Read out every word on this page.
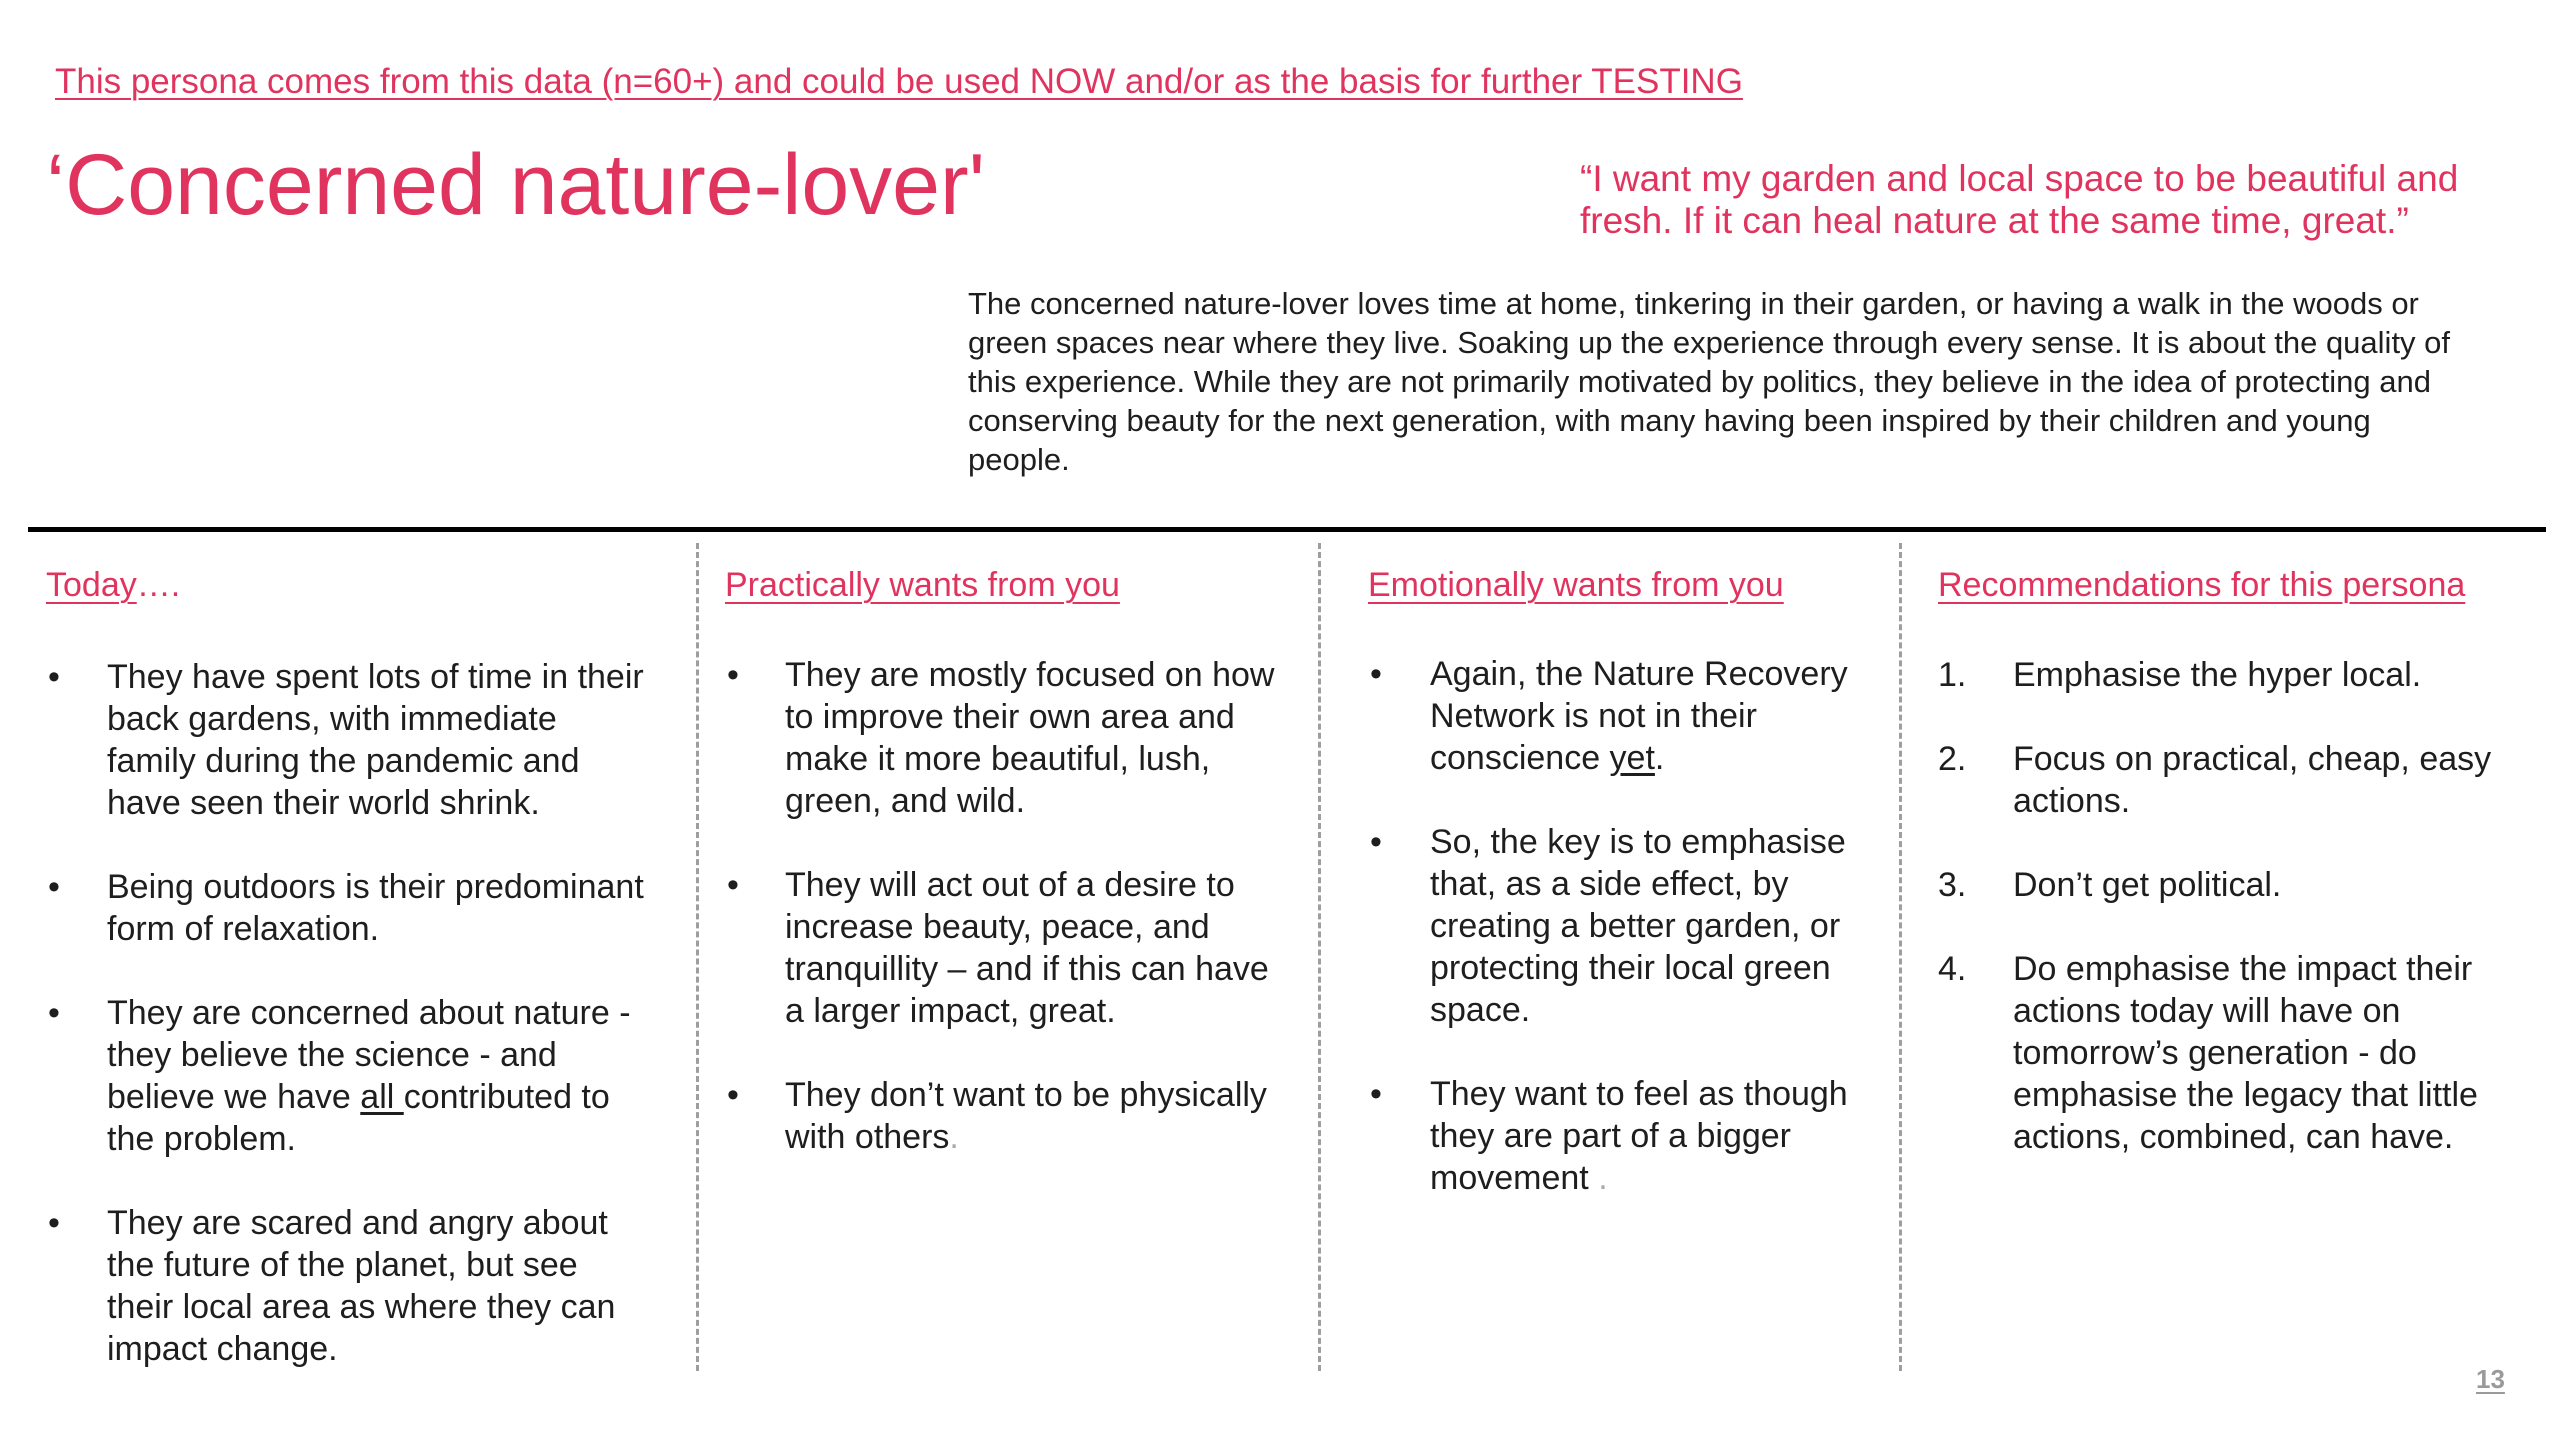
This persona comes from this data (n=60+) and could be used NOW and/or as the basis for further TESTING
‘Concerned nature-lover'	“I want my garden and local space to be beautiful and fresh. If it can heal nature at the same time, great.”
The concerned nature-lover loves time at home, tinkering in their garden, or having a walk in the woods or green spaces near where they live. Soaking up the experience through every sense. It is about the quality of this experience. While they are not primarily motivated by politics, they believe in the idea of protecting and conserving beauty for the next generation, with many having been inspired by their children and young people.
Today….
• They have spent lots of time in their back gardens, with immediate family during the pandemic and have seen their world shrink.
• Being outdoors is their predominant form of relaxation.
• They are concerned about nature - they believe the science - and believe we have all contributed to the problem.
• They are scared and angry about the future of the planet, but see their local area as where they can impact change.
Practically wants from you
• They are mostly focused on how to improve their own area and make it more beautiful, lush, green, and wild.
• They will act out of a desire to increase beauty, peace, and tranquillity – and if this can have a larger impact, great.
• They don’t want to be physically with others.
Emotionally wants from you
• Again, the Nature Recovery Network is not in their conscience yet.
• So, the key is to emphasise that, as a side effect, by creating a better garden, or protecting their local green space.
• They want to feel as though they are part of a bigger movement .
Recommendations for this persona
1. Emphasise the hyper local.
2. Focus on practical, cheap, easy actions.
3. Don’t get political.
4. Do emphasise the impact their actions today will have on tomorrow’s generation - do emphasise the legacy that little actions, combined, can have.
13
